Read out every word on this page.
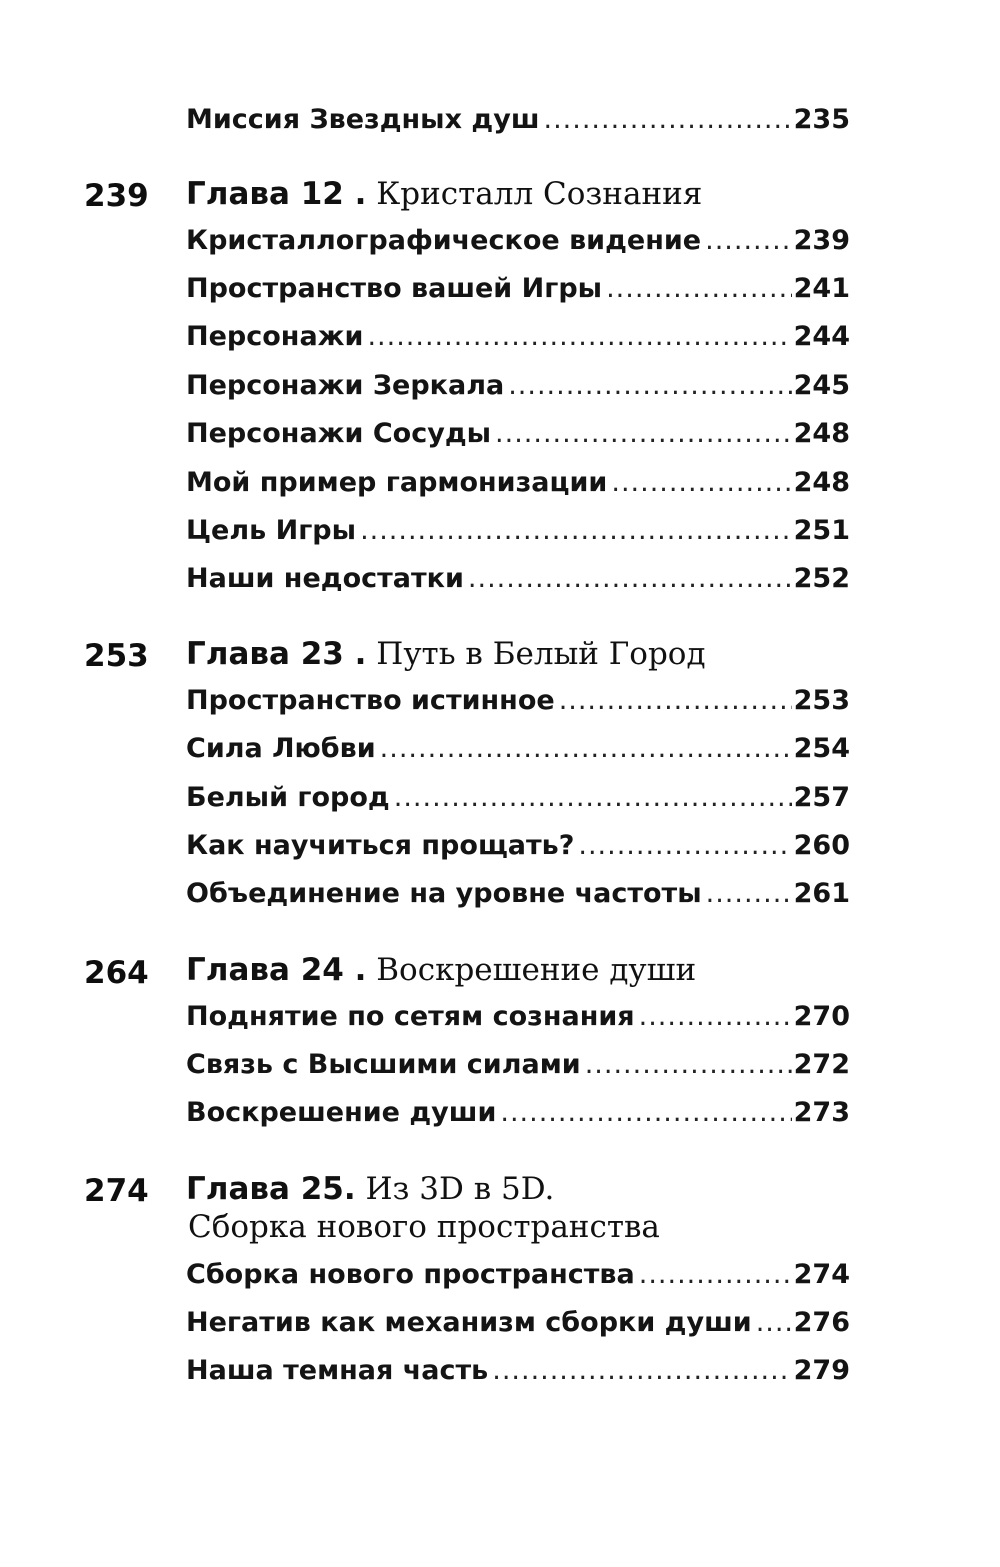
Миссия Звездных душ .....	235
239	Глава 12 . Кристалл Сознания
Кристаллографическое видение .....	239
Пространство вашей Игры .....	241
Персонажи .....	244
Персонажи Зеркала .....	245
Персонажи Сосуды .....	248
Мой пример гармонизации .....	248
Цель Игры .....	251
Наши недостатки .....	252
253	Глава 23 . Путь в Белый Город
Пространство истинное .....	253
Сила Любви .....	254
Белый город .....	257
Как научиться прощать? .....	260
Объединение на уровне частоты .....	261
264	Глава 24 . Воскрешение души
Поднятие по сетям сознания .....	270
Связь с Высшими силами .....	272
Воскрешение души .....	273
274	Глава 25. Из 3D в 5D.
Сборка нового пространства
Сборка нового пространства .....	274
Негатив как механизм сборки души ..... 276
Наша темная часть .....	279
